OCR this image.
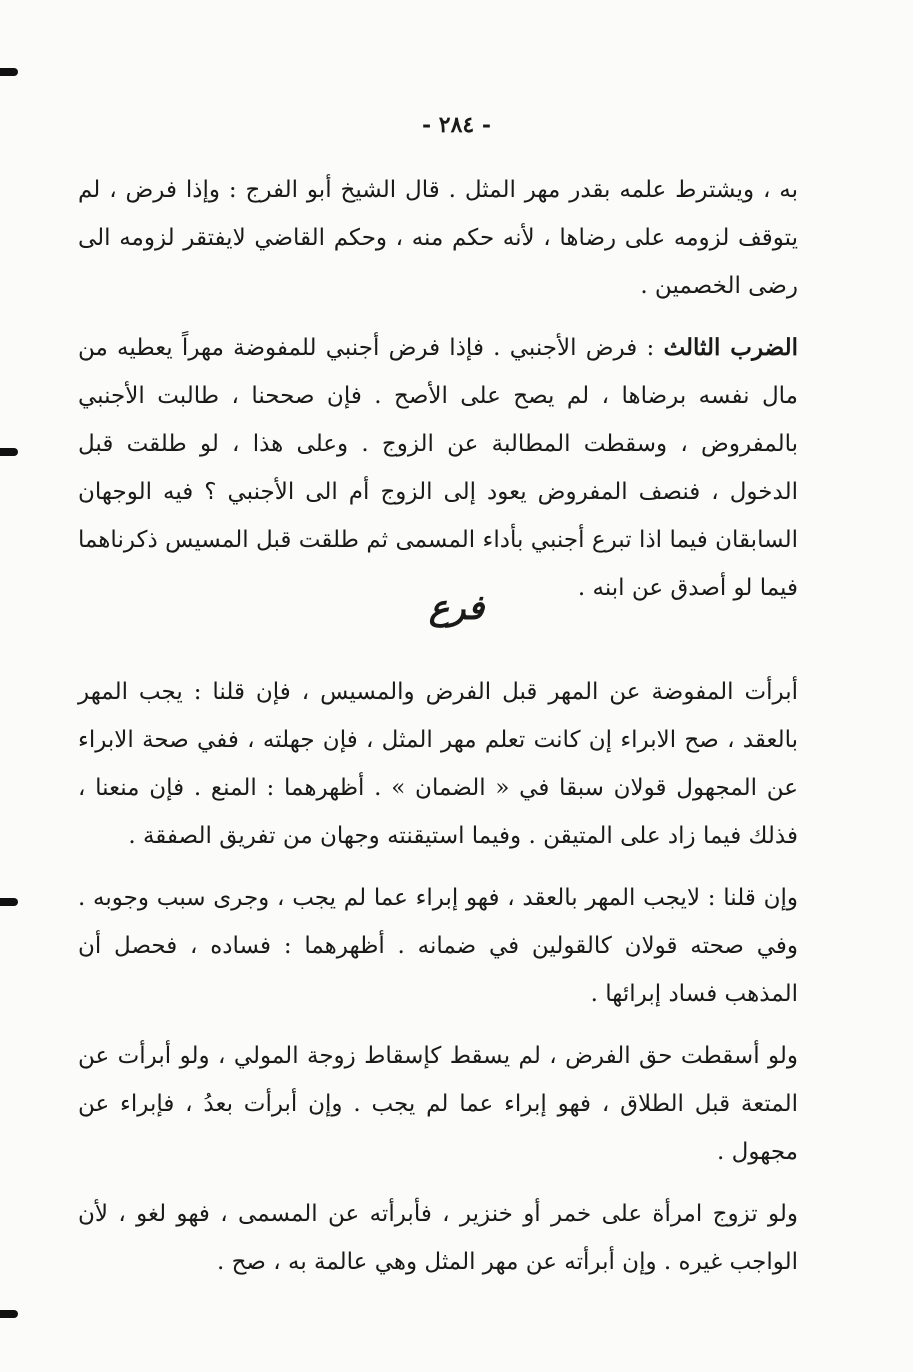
- ٢٨٤ -

به ، ويشترط علمه بقدر مهر المثل . قال الشيخ أبو الفرج : وإذا فرض ، لم يتوقف لزومه على رضاها ، لأنه حكم منه ، وحكم القاضي لايفتقر لزومه الى رضى الخصمين .

الضرب الثالث : فرض الأجنبي . فإذا فرض أجنبي للمفوضة مهراً يعطيه من مال نفسه برضاها ، لم يصح على الأصح . فإن صححنا ، طالبت الأجنبي بالمفروض ، وسقطت المطالبة عن الزوج . وعلى هذا ، لو طلقت قبل الدخول ، فنصف المفروض يعود إلى الزوج أم الى الأجنبي ؟ فيه الوجهان السابقان فيما اذا تبرع أجنبي بأداء المسمى ثم طلقت قبل المسيس ذكرناهما فيما لو أصدق عن ابنه .

فرع

أبرأت المفوضة عن المهر قبل الفرض والمسيس ، فإن قلنا : يجب المهر بالعقد ، صح الابراء إن كانت تعلم مهر المثل ، فإن جهلته ، ففي صحة الابراء عن المجهول قولان سبقا في « الضمان » . أظهرهما : المنع . فإن منعنا ، فذلك فيما زاد على المتيقن . وفيما استيقنته وجهان من تفريق الصفقة .

وإن قلنا : لايجب المهر بالعقد ، فهو إبراء عما لم يجب ، وجرى سبب وجوبه . وفي صحته قولان كالقولين في ضمانه . أظهرهما : فساده ، فحصل أن المذهب فساد إبرائها .

ولو أسقطت حق الفرض ، لم يسقط كإسقاط زوجة المولي ، ولو أبرأت عن المتعة قبل الطلاق ، فهو إبراء عما لم يجب . وإن أبرأت بعدُ ، فإبراء عن مجهول .

ولو تزوج امرأة على خمر أو خنزير ، فأبرأته عن المسمى ، فهو لغو ، لأن الواجب غيره . وإن أبرأته عن مهر المثل وهي عالمة به ، صح .
